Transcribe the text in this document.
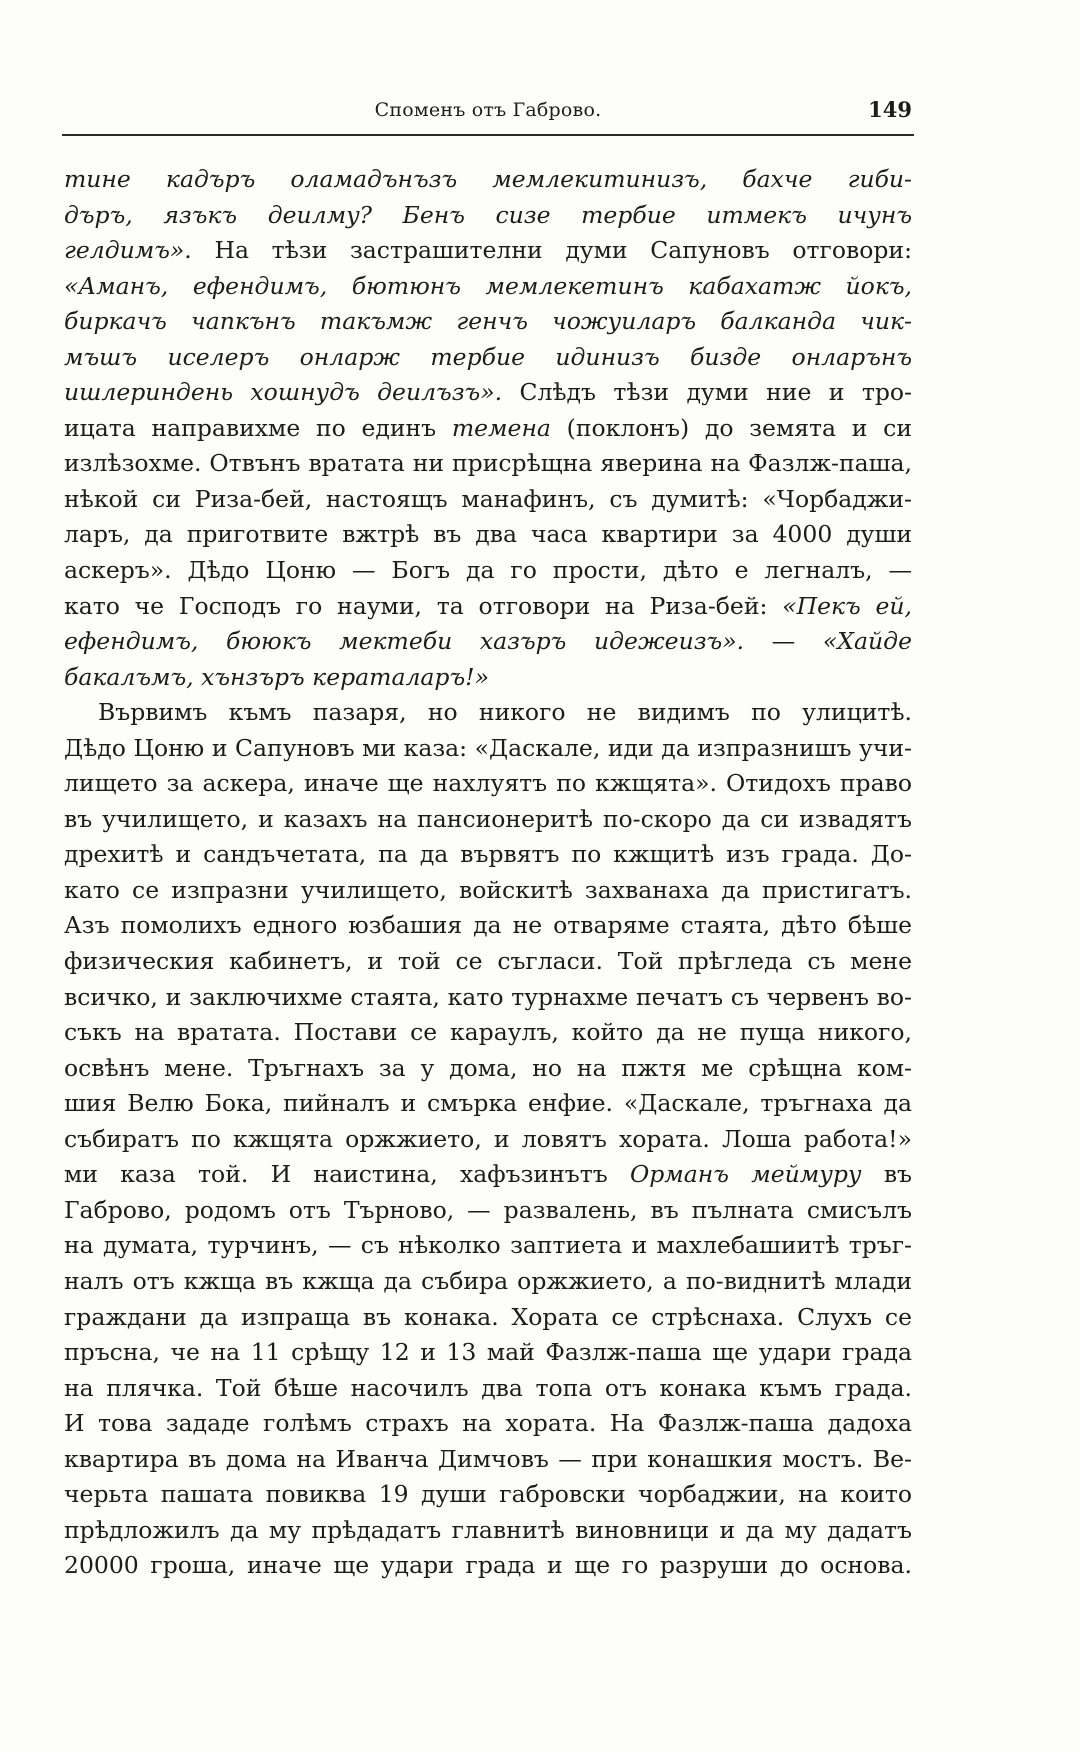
Споменъ отъ Габрово.	149
тине кадъръ оламадънъзъ мемлекитинизъ, бахче гиби-
дъръ, язъкъ деилмy? Бенъ сизе тербие итмекъ ичунъ
гелдимъ». На тѣзи застрашителни думи Сапуновъ отговори:
«Аманъ, ефендимъ, бютюнъ мемлекетинъ кабахатж йокъ,
биркачъ чапкънъ такъмж генчъ чожуиларъ балканда чик-
мъшъ иселеръ онларж тербие идинизъ бизде онларънъ
ишлериндень хошнудъ деилъзъ». Слѣдъ тѣзи думи ние и тро-
ицата направихме по единъ темена (поклонъ) до земята и си
излѣзохме. Отвънъ вратата ни присрѣщна яверина на Фазлж-паша,
нѣкой си Риза-бей, настоящъ манафинъ, съ думитѣ: «Чорбаджи-
ларъ, да приготвите вжтрѣ въ два часа квартири за 4000 души
аскеръ». Дѣдо Цоню — Богъ да го прости, дѣто е легналъ, —
като че Господъ го науми, та отговори на Риза-бей: «Пекъ ей,
ефендимъ, бююкъ мектеби хазъръ идежеизъ». — «Хайде
бакалъмъ, хънзъръ кераталаръ!»
Вървимъ къмъ пазаря, но никого не видимъ по улицитѣ.
Дѣдо Цоню и Сапуновъ ми каза: «Даскале, иди да изпразнишъ учи-
лището за аскера, иначе ще нахлуятъ по кжщята». Отидохъ право
въ училището, и казахъ на пансионеритѣ по-скоро да си извадятъ
дрехитѣ и сандъчетата, па да вървятъ по кжщитѣ изъ града. До-
като се изпразни училището, войскитѣ захванаха да пристигатъ.
Азъ помолихъ едного юзбашия да не отваряме стаята, дѣто бѣше
физическия кабинетъ, и той се съгласи. Той прѣгледа съ мене
всичко, и заключихме стаята, като турнахме печатъ съ червенъ во-
съкъ на вратата. Постави се караулъ, който да не пуща никого,
освѣнъ мене. Тръгнахъ за у дома, но на пжтя ме срѣщна ком-
шия Велю Бока, пийналъ и смърка енфие. «Даскале, тръгнаха да
събиратъ по кжщята оржжието, и ловятъ хората. Лоша работа!»
ми каза той. И наистина, хафъзинътъ Орманъ меймуру въ
Габрово, родомъ отъ Търново, — развалень, въ пълната смисълъ
на думата, турчинъ, — съ нѣколко заптиета и махлебашиитѣ тръг-
налъ отъ кжща въ кжща да събира оржжието, а по-виднитѣ млади
граждани да изпраща въ конака. Хората се стрѣснаха. Слухъ се
пръсна, че на 11 срѣщу 12 и 13 май Фазлж-паша ще удари града
на плячка. Той бѣше насочилъ два топа отъ конака къмъ града.
И това зададе голѣмъ страхъ на хората. На Фазлж-паша дадоха
квартира въ дома на Иванча Димчовъ — при конашкия мостъ. Ве-
черьта пашата повиква 19 души габровски чорбаджии, на които
прѣдложилъ да му прѣдадатъ главнитѣ виновници и да му дадатъ
20000 гроша, иначе ще удари града и ще го разруши до основа.
